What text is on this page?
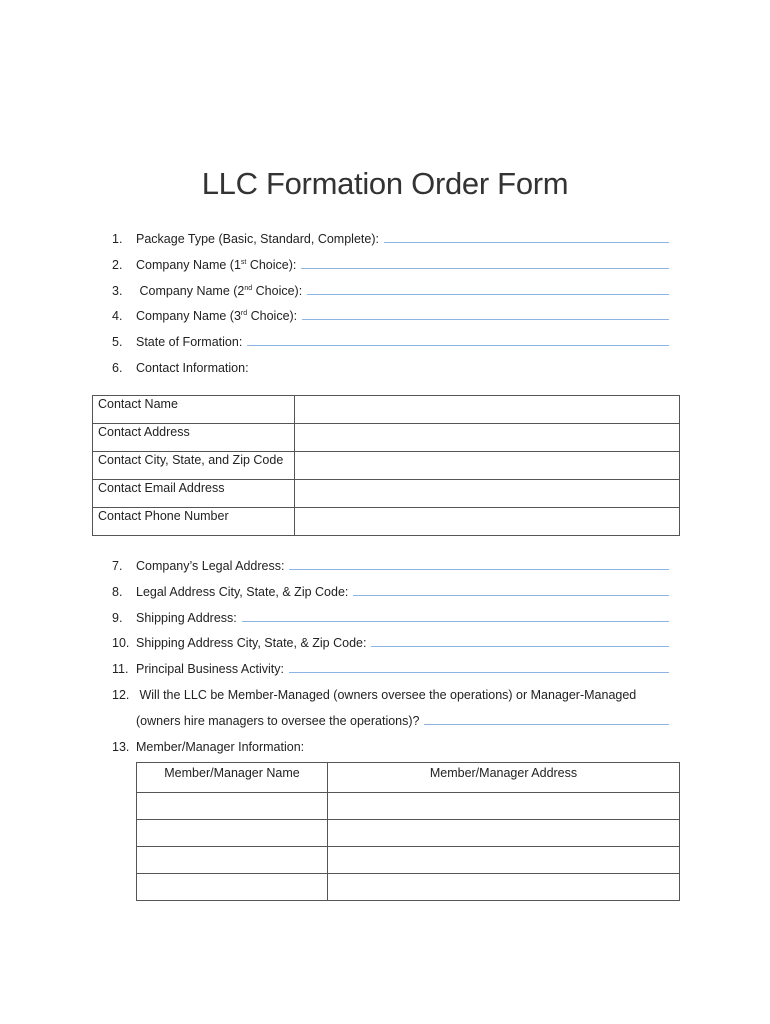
LLC Formation Order Form
1.	Package Type (Basic, Standard, Complete):
2.	Company Name (1st Choice):
3.	Company Name (2nd Choice):
4.	Company Name (3rd Choice):
5.	State of Formation:
6.	Contact Information:
Contact Name	
Contact Address	
Contact City, State, and Zip Code	
Contact Email Address	
Contact Phone Number	
7.	Company’s Legal Address:
8.	Legal Address City, State, & Zip Code:
9.	Shipping Address:
10. Shipping Address City, State, & Zip Code:
11. Principal Business Activity:
12. Will the LLC be Member-Managed (owners oversee the operations) or Manager-Managed
(owners hire managers to oversee the operations)?
13. Member/Manager Information:
Member/Manager Name	Member/Manager Address
